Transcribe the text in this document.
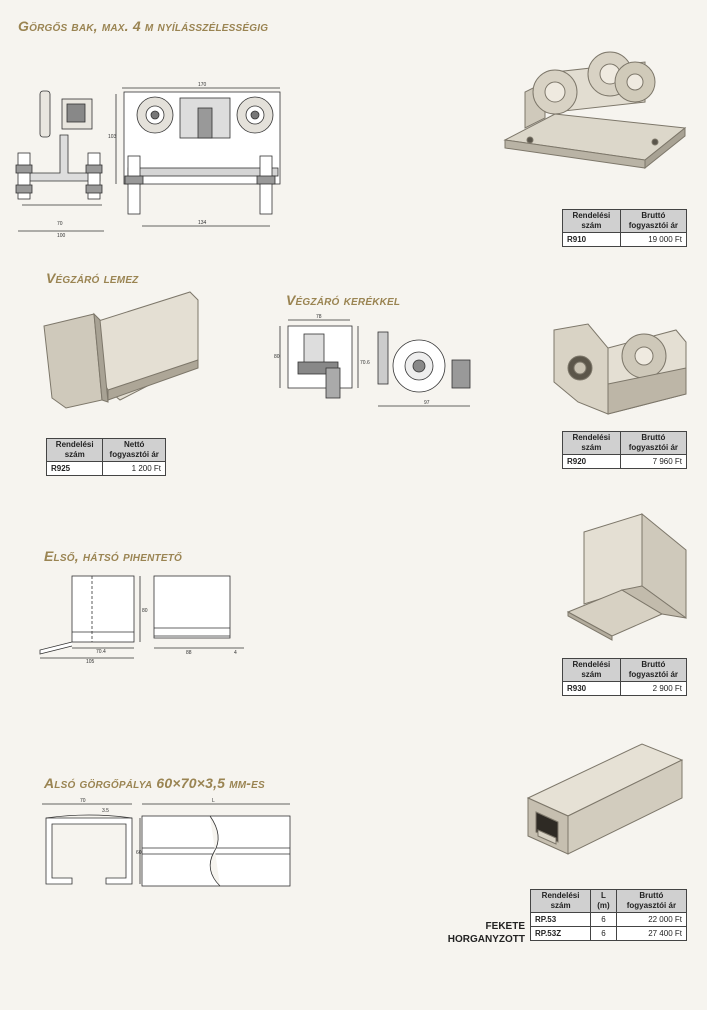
Görgős bak, max. 4 m nyílásszélességig
70
100
170
103
134
Rendelési szám	Bruttó fogyasztói ár
R910	19 000 Ft
Végzáró lemez
Rendelési szám	Nettó fogyasztói ár
R925	1 200 Ft
Végzáró kerékkel
78
80
70.6
97
Rendelési szám	Bruttó fogyasztói ár
R920	7 960 Ft
Első, hátsó pihentető
80
70.4
105
88	4
Rendelési szám	Bruttó fogyasztói ár
R930	2 900 Ft
Alsó görgőpálya 60×70×3,5 mm-es
70
3.5
60
L
FEKETE
HORGANYZOTT
Rendelési szám	L (m)	Bruttó fogyasztói ár
RP.53	6	22 000 Ft
RP.53Z	6	27 400 Ft
